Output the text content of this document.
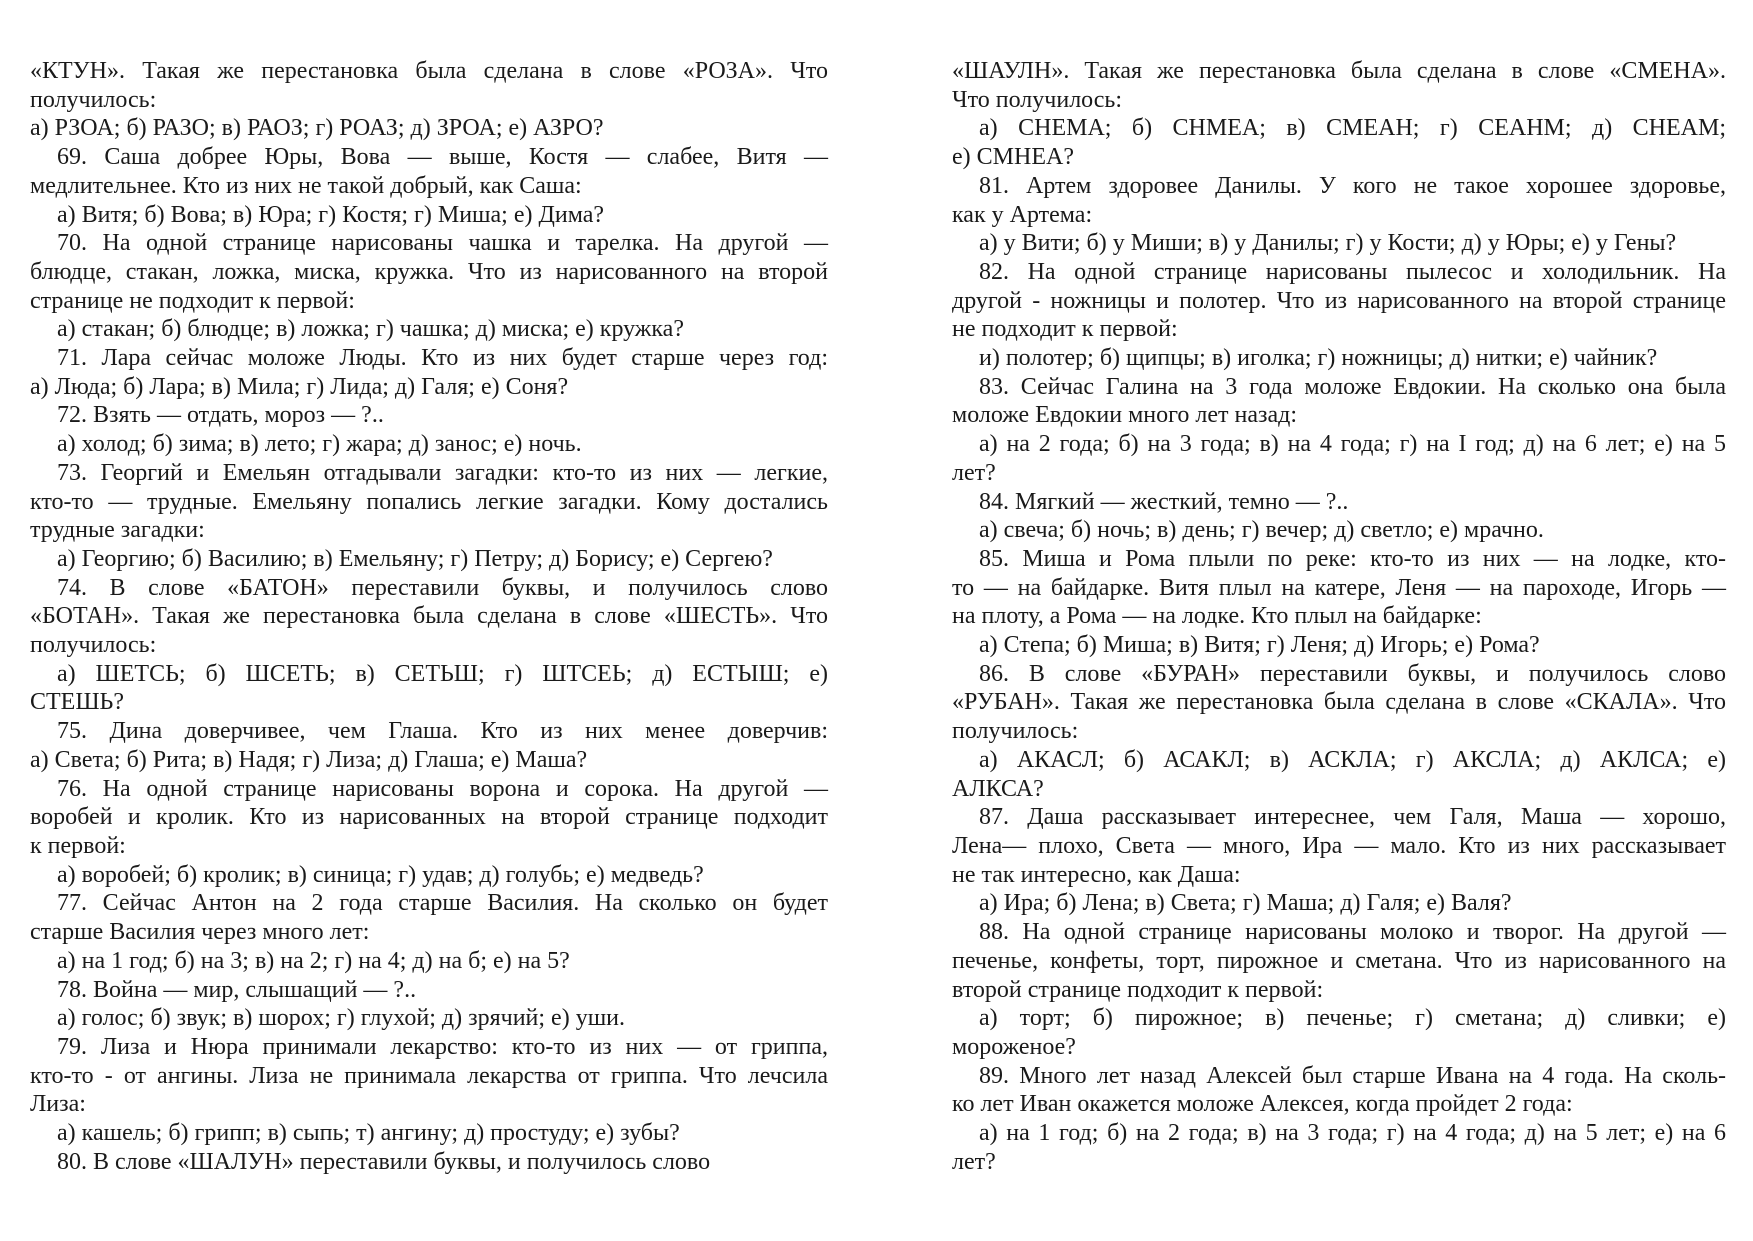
«КТУН». Такая же перестановка была сделана в слове «РОЗА». Что
получилось:
а) РЗОА; б) РАЗО; в) РАОЗ; г) РОАЗ; д) ЗРОА; е) АЗРО?
69. Саша добрее Юры, Вова — выше, Костя — слабее, Витя —
медлительнее. Кто из них не такой добрый, как Саша:
а) Витя; б) Вова; в) Юра; г) Костя; г) Миша; е) Дима?
70. На одной странице нарисованы чашка и тарелка. На другой —
блюдце, стакан, ложка, миска, кружка. Что из нарисованного на второй
странице не подходит к первой:
а) стакан; б) блюдце; в) ложка; г) чашка; д) миска; е) кружка?
71. Лара сейчас моложе Люды. Кто из них будет старше через год:
а) Люда; б) Лара; в) Мила; г) Лида; д) Галя; е) Соня?
72. Взять — отдать, мороз — ?..
а) холод; б) зима; в) лето; г) жара; д) занос; е) ночь.
73. Георгий и Емельян отгадывали загадки: кто-то из них — легкие,
кто-то — трудные. Емельяну попались легкие загадки. Кому достались
трудные загадки:
а) Георгию; б) Василию; в) Емельяну; г) Петру; д) Борису; е) Сергею?
74. В слове «БАТОН» переставили буквы, и получилось слово
«БОТАН». Такая же перестановка была сделана в слове «ШЕСТЬ». Что
получилось:
а) ШЕТСЬ; б) ШСЕТЬ; в) СЕТЬШ; г) ШТСЕЬ; д) ЕСТЫШ; е)
СТЕШЬ?
75. Дина доверчивее, чем Глаша. Кто из них менее доверчив:
а) Света; б) Рита; в) Надя; г) Лиза; д) Глаша; е) Маша?
76. На одной странице нарисованы ворона и сорока. На другой —
воробей и кролик. Кто из нарисованных на второй странице подходит
к первой:
а) воробей; б) кролик; в) синица; г) удав; д) голубь; е) медведь?
77. Сейчас Антон на 2 года старше Василия. На сколько он будет
старше Василия через много лет:
а) на 1 год; б) на 3; в) на 2; г) на 4; д) на б; е) на 5?
78. Война — мир, слышащий — ?..
а) голос; б) звук; в) шорох; г) глухой; д) зрячий; е) уши.
79. Лиза и Нюра принимали лекарство: кто-то из них — от гриппа,
кто-то - от ангины. Лиза не принимала лекарства от гриппа. Что лечсила
Лиза:
а) кашель; б) грипп; в) сыпь; т) ангину; д) простуду; е) зубы?
80. В слове «ШАЛУН» переставили буквы, и получилось слово
«ШАУЛН». Такая же перестановка была сделана в слове «СМЕНА».
Что получилось:
а) СНЕМА; б) СНМЕА; в) СМЕАН; г) СЕАНМ; д) СНЕАМ;
е) СМНЕА?
81. Артем здоровее Данилы. У кого не такое хорошее здоровье,
как у Артема:
а) у Вити; б) у Миши; в) у Данилы; г) у Кости; д) у Юры; е) у Гены?
82. На одной странице нарисованы пылесос и холодильник. На
другой - ножницы и полотер. Что из нарисованного на второй странице
не подходит к первой:
и) полотер; б) щипцы; в) иголка; г) ножницы; д) нитки; е) чайник?
83. Сейчас Галина на 3 года моложе Евдокии. На сколько она была
моложе Евдокии много лет назад:
а) на 2 года; б) на 3 года; в) на 4 года; г) на I год; д) на 6 лет; е) на 5
лет?
84. Мягкий — жесткий, темно — ?..
а) свеча; б) ночь; в) день; г) вечер; д) светло; е) мрачно.
85. Миша и Рома плыли по реке: кто-то из них — на лодке, кто-
то — на байдарке. Витя плыл на катере, Леня — на пароходе, Игорь —
на плоту, а Рома — на лодке. Кто плыл на байдарке:
а) Степа; б) Миша; в) Витя; г) Леня; д) Игорь; е) Рома?
86. В слове «БУРАН» переставили буквы, и получилось слово
«РУБАН». Такая же перестановка была сделана в слове «СКАЛА». Что
получилось:
а) АКАСЛ; б) АСАКЛ; в) АСКЛА; г) АКСЛА; д) АКЛСА; е)
АЛКСА?
87. Даша рассказывает интереснее, чем Галя, Маша — хорошо,
Лена— плохо, Света — много, Ира — мало. Кто из них рассказывает
не так интересно, как Даша:
а) Ира; б) Лена; в) Света; г) Маша; д) Галя; е) Валя?
88. На одной странице нарисованы молоко и творог. На другой —
печенье, конфеты, торт, пирожное и сметана. Что из нарисованного на
второй странице подходит к первой:
а) торт; б) пирожное; в) печенье; г) сметана; д) сливки; е)
мороженое?
89. Много лет назад Алексей был старше Ивана на 4 года. На сколь-
ко лет Иван окажется моложе Алексея, когда пройдет 2 года:
а) на 1 год; б) на 2 года; в) на 3 года; г) на 4 года; д) на 5 лет; е) на 6
лет?
